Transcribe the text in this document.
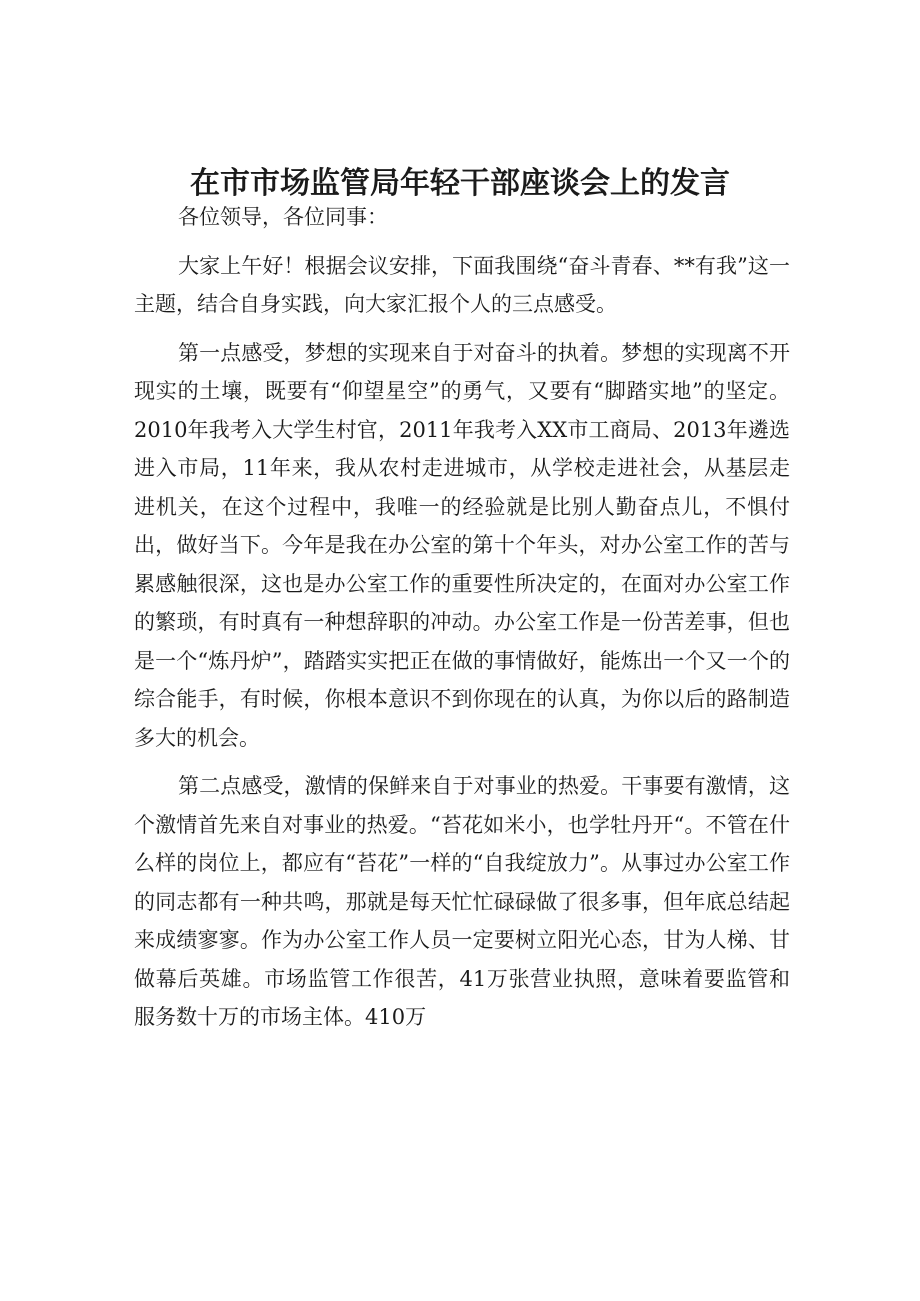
在市市场监管局年轻干部座谈会上的发言

各位领导，各位同事：

大家上午好！根据会议安排，下面我围绕“奋斗青春、**有我”这一主题，结合自身实践，向大家汇报个人的三点感受。

第一点感受，梦想的实现来自于对奋斗的执着。梦想的实现离不开现实的土壤，既要有“仰望星空”的勇气，又要有“脚踏实地”的坚定。2010年我考入大学生村官，2011年我考入XX市工商局、2013年遴选进入市局，11年来，我从农村走进城市，从学校走进社会，从基层走进机关，在这个过程中，我唯一的经验就是比别人勤奋点儿，不惧付出，做好当下。今年是我在办公室的第十个年头，对办公室工作的苦与累感触很深，这也是办公室工作的重要性所决定的，在面对办公室工作的繁琐，有时真有一种想辞职的冲动。办公室工作是一份苦差事，但也是一个“炼丹炉”，踏踏实实把正在做的事情做好，能炼出一个又一个的综合能手，有时候，你根本意识不到你现在的认真，为你以后的路制造多大的机会。

第二点感受，激情的保鲜来自于对事业的热爱。干事要有激情，这个激情首先来自对事业的热爱。“苔花如米小，也学牡丹开“。不管在什么样的岗位上，都应有“苔花”一样的“自我绽放力”。从事过办公室工作的同志都有一种共鸣，那就是每天忙忙碌碌做了很多事，但年底总结起来成绩寥寥。作为办公室工作人员一定要树立阳光心态，甘为人梯、甘做幕后英雄。市场监管工作很苦，41万张营业执照，意味着要监管和服务数十万的市场主体。410万
